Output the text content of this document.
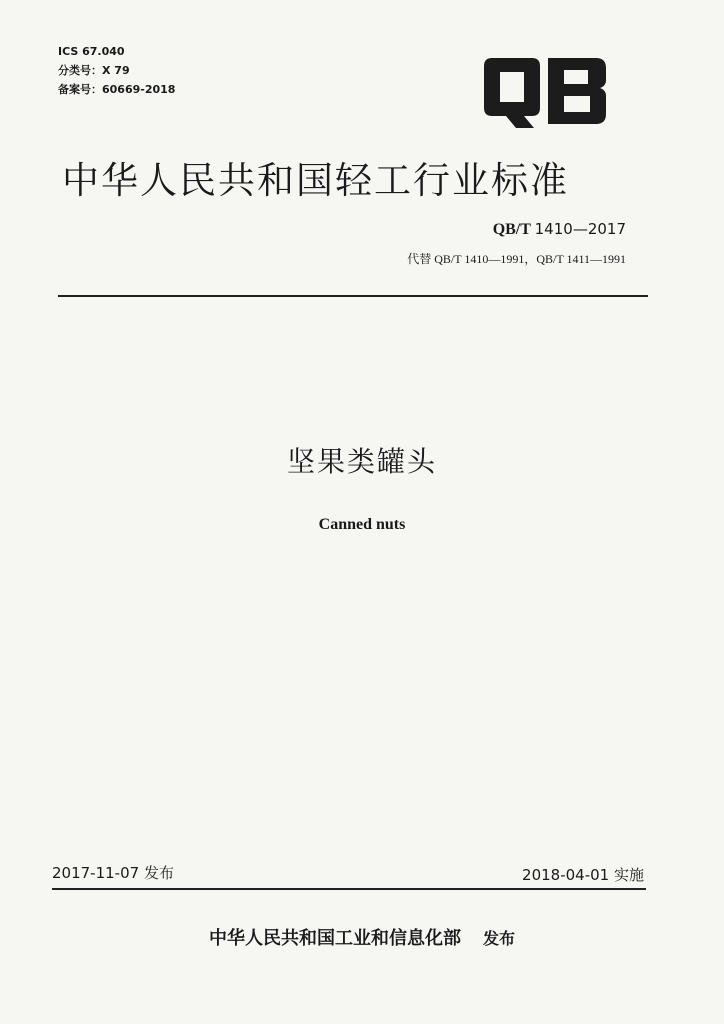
ICS 67.040
分类号：X 79
备案号：60669-2018
中华人民共和国轻工行业标准
QB/T 1410—2017
代替 QB/T 1410—1991，QB/T 1411—1991
坚果类罐头
Canned nuts
2017-11-07 发布	2018-04-01 实施
中华人民共和国工业和信息化部 发布
